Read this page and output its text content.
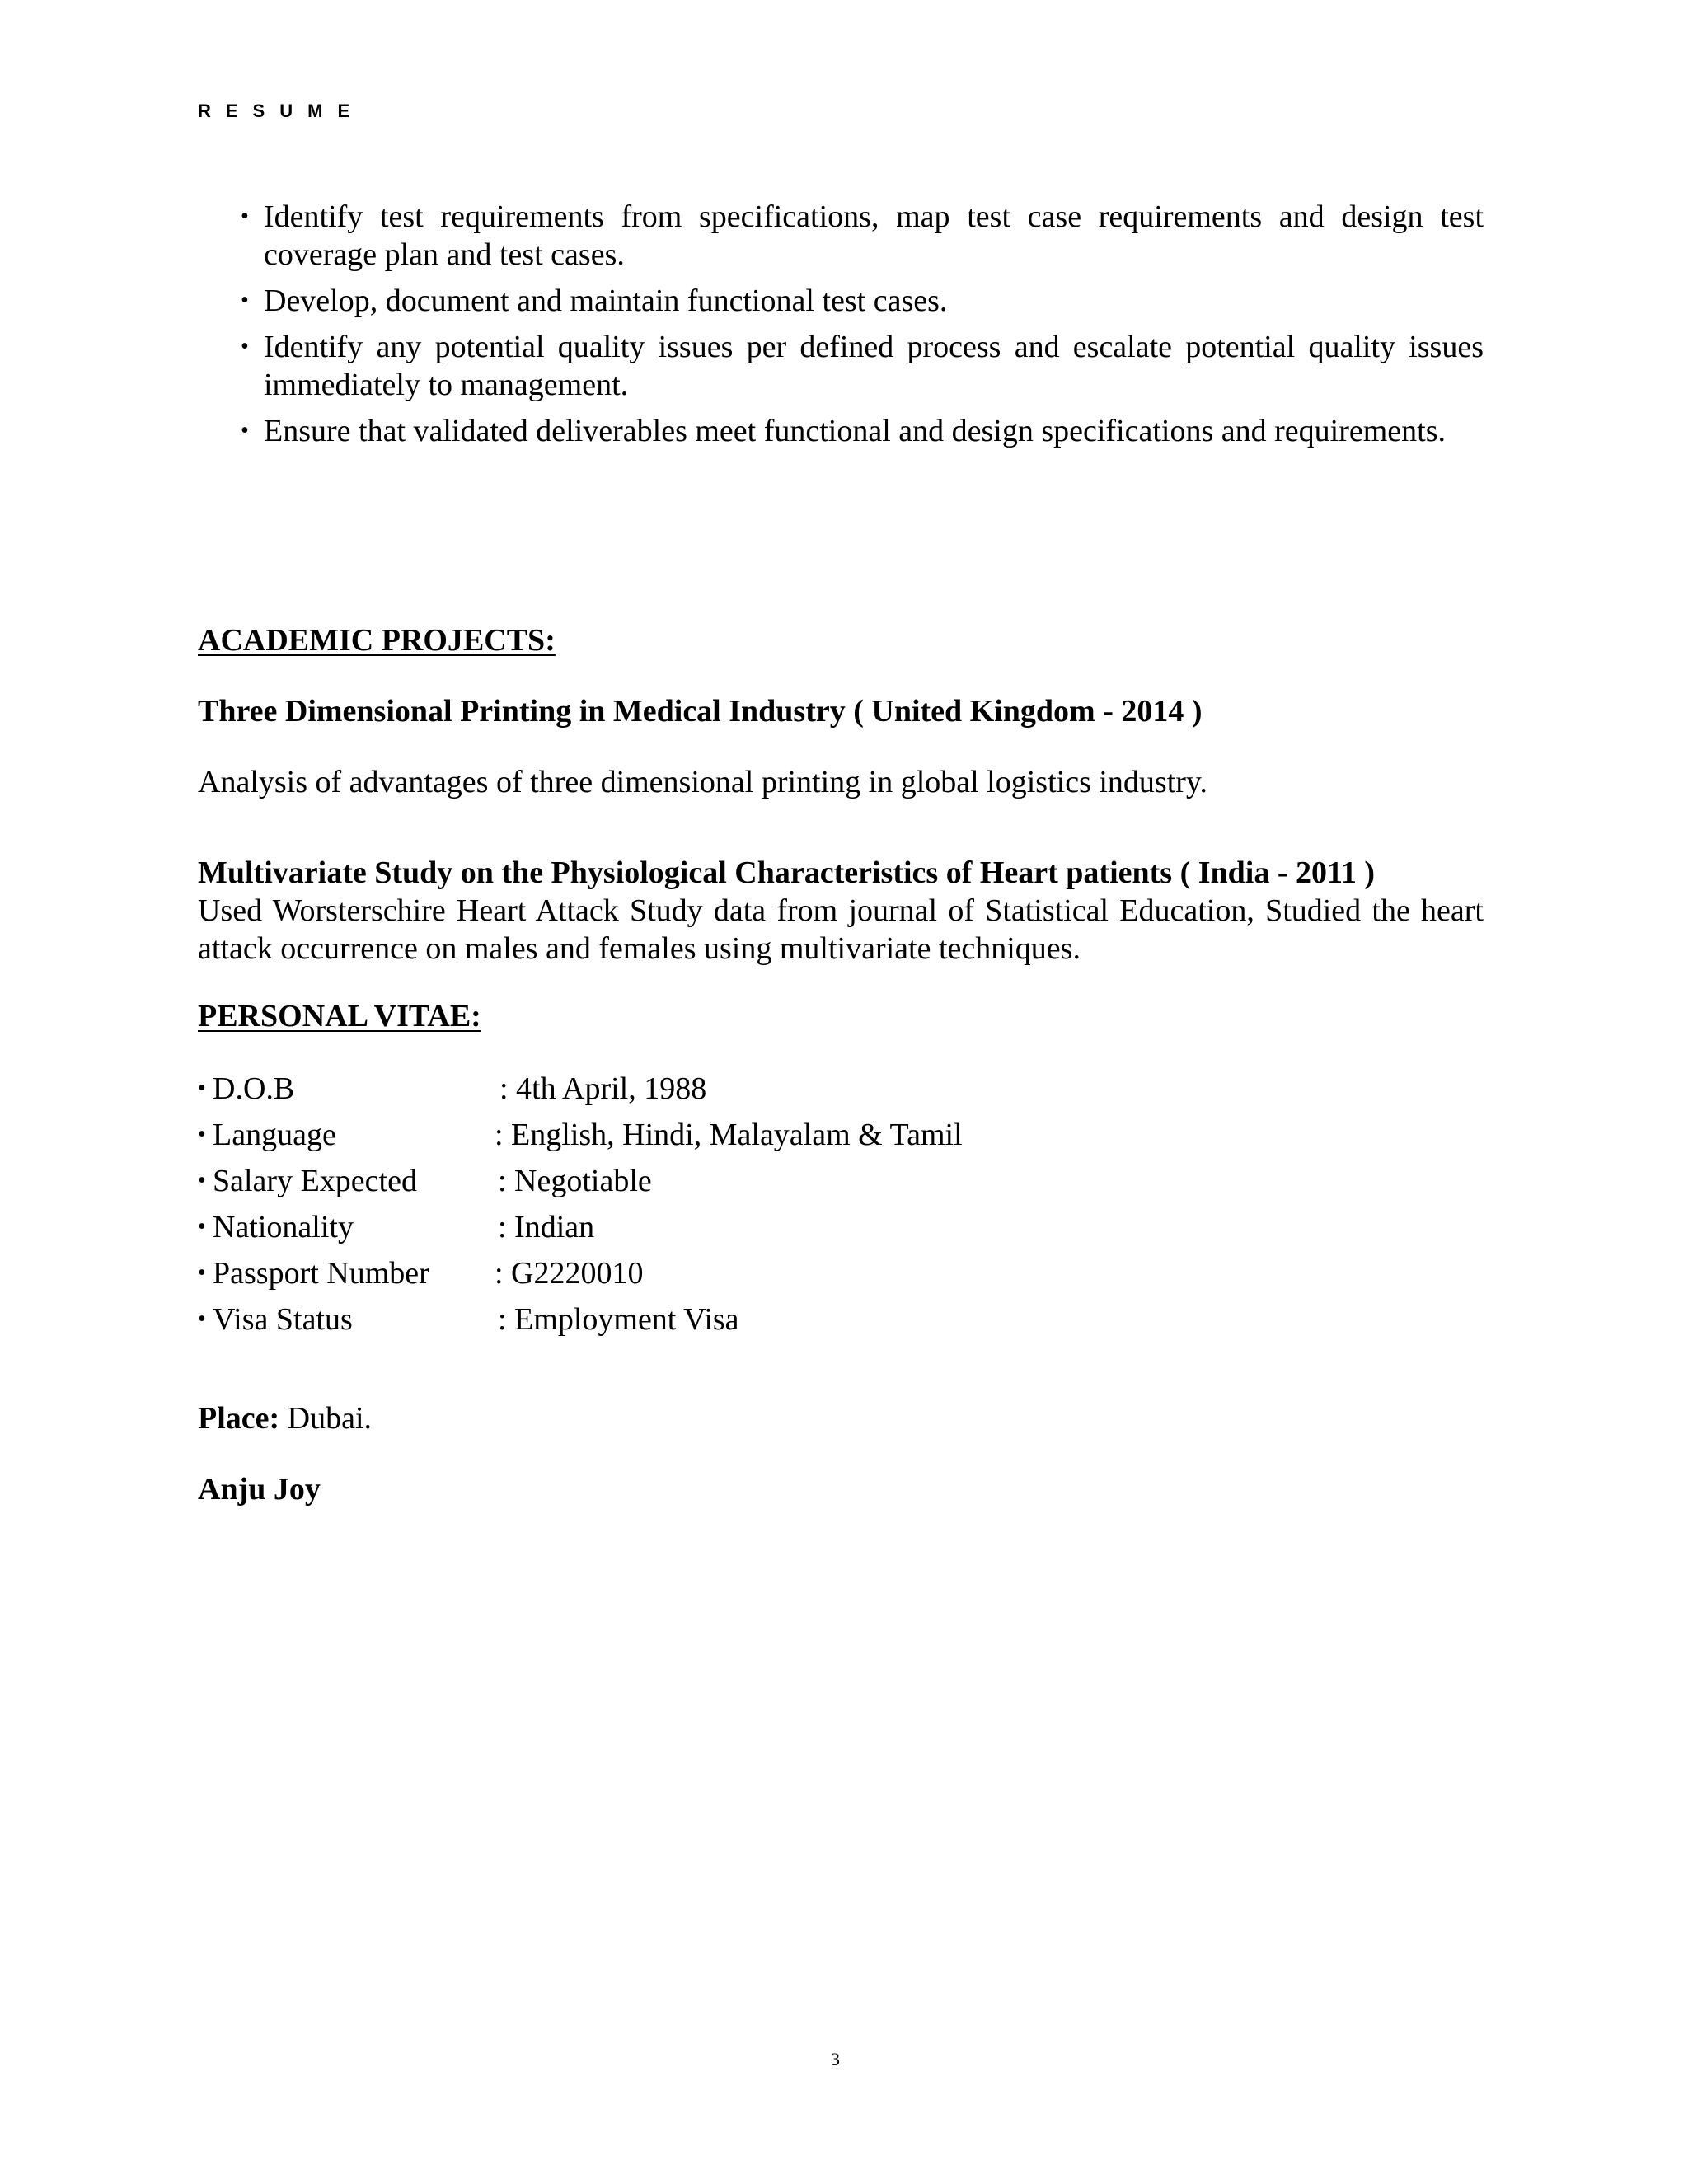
RESUME
• Identify test requirements from specifications, map test case requirements and design test coverage plan and test cases.
• Develop, document and maintain functional test cases.
• Identify any potential quality issues per defined process and escalate potential quality issues immediately to management.
• Ensure that validated deliverables meet functional and design specifications and requirements.
ACADEMIC PROJECTS:

Three Dimensional Printing in Medical Industry ( United Kingdom - 2014 )

Analysis of advantages of three dimensional printing in global logistics industry.

Multivariate Study on the Physiological Characteristics of Heart patients ( India - 2011 )

Used Worsterschire Heart Attack Study data from journal of Statistical Education, Studied the heart attack occurrence on males and females using multivariate techniques.

PERSONAL VITAE:
• D.O.B	: 4th April, 1988
• Language	: English, Hindi, Malayalam & Tamil
• Salary Expected	: Negotiable
• Nationality	: Indian
• Passport Number : G2220010
• Visa Status	: Employment Visa

Place: Dubai.

Anju Joy

3
